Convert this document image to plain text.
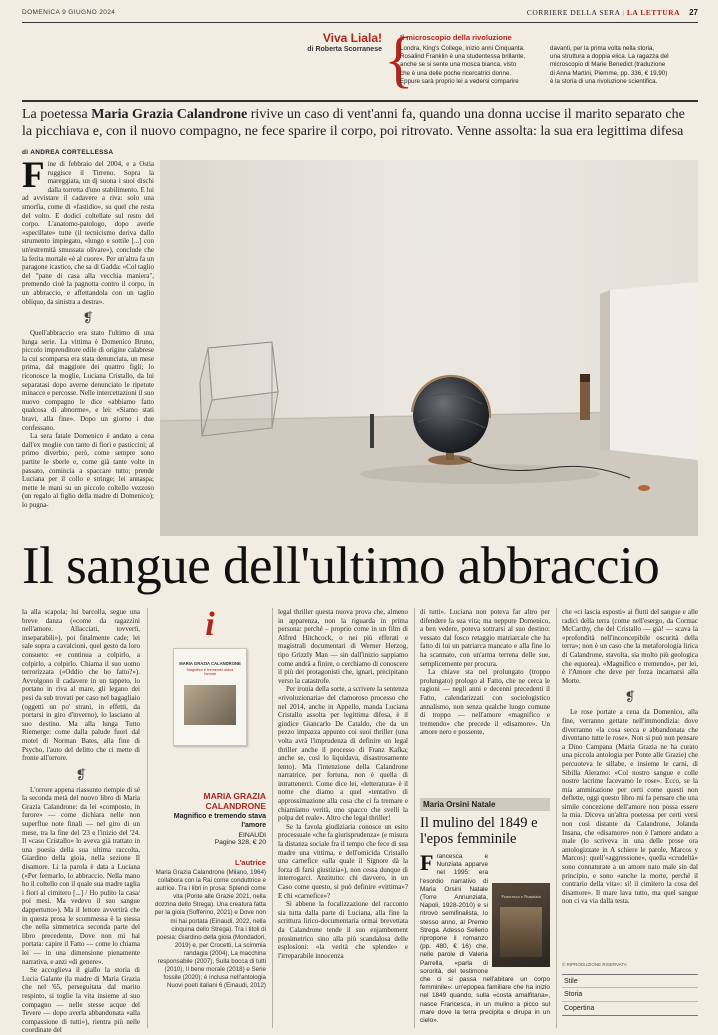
DOMENICA 9 GIUGNO 2024	CORRIERE DELLA SERA | LA LETTURA 27
Viva Liala!
di Roberta Scorranese {
Il microscopio della rivoluzione
Londra, King's College, inizio anni Cinquanta.
Rosalind Franklin è una studentessa brillante,
anche se si sente una mosca bianca, visto
che è una delle poche ricercatrici donne.
Eppure sarà proprio lei a vedersi comparire
davanti, per la prima volta nella storia,
una struttura a doppia elica. La ragazza del
microscopio di Marie Benedict (traduzione
di Anna Martini, Piemme, pp. 336, € 19,90)
è la storia di una rivoluzione scientifica.
La poetessa Maria Grazia Calandrone rivive un caso di vent'anni fa, quando una donna uccise il marito separato che la picchiava e, con il nuovo compagno, ne fece sparire il corpo, poi ritrovato. Venne assolta: la sua era legittima difesa
di ANDREA CORTELLESSA

Fine di febbraio del 2004, e a Ostia ruggisce il Tirreno. Sopra la mareggiata, un dj suona i suoi dischi dalla torretta d'uno stabilimento. E lui ad avvistare il cadavere a riva: solo una smorfia, come di «fastidio», su quel che resta del volto. E dodici coltellate sul resto del corpo. L'anatomo-patologo, dopo averle «specillate» tutte (il tecnicismo deriva dallo strumento impiegato, «lungo e sottile [...] con un'estremità smussata olivare»), conclude che la ferita mortale «è al cuore». Per un'altra fa un paragone icastico, che sa di Gadda: «Col taglio del "pane di casa alla vecchia maniera", premendo cioè la pagnotta contro il corpo, in un abbraccio, e affettandola con un taglio obliquo, da sinistra a destra».

❡

Quell'abbraccio era stato l'ultimo di una lunga serie. La vittima è Domenico Bruno, piccolo imprenditore edile di origine calabrese la cui scomparsa era stata denunciata, un mese prima, dal maggiore dei quattro figli; lo riconosce la moglie, Luciana Cristallo, da lui separatasi dopo averne denunciato le ripetute minacce e percosse. Nelle intercettazioni il suo nuovo compagno le dice «abbiamo fatto qualcosa di abnorme», e lei: «Siamo stati bravi, alla fine». Dopo un giorno i due confessano.

La sera fatale Domenico è andato a cena dall'ex moglie con tanto di fiori e pasticcini; al primo diverbio, però, come sempre sono partite le sberle e, come già tante volte in passato, comincia a spaccare tutto; prende Luciana per il collo e stringe; lei annaspa; mette le mani su un piccolo coltello vezzoso (un regalo al figlio della madre di Domenico); lo pugna-

Il sangue dell'ultimo abbraccio

la alla scapola; lui barcolla, segue una breve danza («come da ragazzini nell'amore. Allacciati, tovvertì, inseparabili»), poi finalmente cade; lei sale sopra a cavalcioni, quel gesto da loro consueto: «e continua a colpirlo, a colpirlo, a colpirlo. Chiama il suo uomo terrorizzata («Oddio che ho fatto?»). Avvolgono il cadavere in un tappeto, lo portano in riva al mare, gli legano dei pesi da sub trovati per caso nel bagagliaio (oggetti un po' strani, in effetti, da portarsi in giro d'inverno), lo lasciano al suo destino. Ma alla lunga Tutto Riemerge: come dalla palude fuori dal motel di Norman Bates, alla fine di Psycho, l'auto del delitto che ci mette di fronte all'orrore.

❡

L'orrore appena riassunto riempie di sé la seconda metà del nuovo libro di Maria Grazia Calandrone: da lei «composto, in furore» — come dichiara nelle non superflue note finali — nel giro di un mese, tra la fine del '23 e l'inizio del '24. Il «caso Cristallo» lo aveva già trattato in una poesia della sua ultima raccolta, Giardino della gioia, nella sezione Il disamore. Li la parola è data a Luciana («Per fermarlo, lo abbraccio. Nella mano ho il coltello con il quale sua madre taglia i fiori al cimitero [...] / Ho pulito la casa/ poi mesi. Ma vedevo il suo sangue dappertutto»). Ma il lettore avvertirà che in questa prosa le scommessa è la stessa che nella simmetrica seconda parte del libro precedente, Dove non mi hai portata: capire il Fatto — come lo chiama lei — in una dimensione pienamente narrativa, e anzi «di genere».

Se accoglieva il giallo la storia di Lucia Galante (la madre di Maria Grazia che nel '65, perseguitata dal marito respinto, si toglie la vita insieme al suo compagno — nelle stesse acque del Tevere — dopo averla abbandonata «alla compassione di tutti»), rientra più nelle coordinate del

i
MARIA GRAZIA CALANDRONE
Magnifico e tremendo stava l'amore
MARIA GRAZIA CALANDRONE
Magnifico e tremendo stava l'amore
EINAUDI
Pagine 328, € 20
L'autrice
Maria Grazia Calandrone (Milano, 1964) collabora con la Rai come conduttrice e autrice. Tra i libri in prosa: Splendi come vita (Ponte alle Grazie 2021, nella dozzina dello Strega). Una creatura fatta per la gioia (Sofferino, 2021) e Dove non mi hai portata (Einaudi, 2022, nella cinquina dello Strega). Tra i titoli di poesia: Giardino della gioia (Mondadori, 2019) e, per Crocetti, La scimmia randagia (2004), La macchina responsabile (2007), Sulla bocca di tutti (2010), Il bene morale (2018) e Serie fossile (2020); è inclusa nell'antologia Nuovi poeti italiani 6 (Einaudi, 2012)

legal thriller questa nuova prova che, almeno in apparenza, non la riguarda in prima persona: perché – proprio come in un film di Alfred Hitchcock, o nei più efferati e magistrali documentari di Werner Herzog, tipo Grizzly Man — sin dall'inizio sappiamo come andrà a finire, o cerchiamo di conoscere il più dei protagonisti che, ignari, precipitano verso la catastrofe.

Per ironia della sorte, a scrivere la sentenza «rivoluzionaria» del clamoroso processo che nel 2014, anche in Appello, manda Luciana Cristallo assolta per legittima difesa, è il giudice Giancarlo De Cataldo, che da un pezzo impazza appunto coi suoi thriller (una volta avrà l'imprudenza di definire un legal thriller anche il processo di Franz Kafka; anche se, così lo liquidava, disastrosamente lento). Ma l'intenzione della Calandrone narratrice, per fortuna, non è quella di intrattenerci. Come dice lei, «letteratura» è il nome che diamo a quel «tentativo di approssimazione alla cosa che ci fa tremare e chiamiamo verità, uno spacco che svelli la polpa del reale». Altro che legal thriller!

Se la favola giudiziaria conosce un esito processuale «che fa giurisprudenza» (e misura la distanza sociale fra il tempo che fece di sua madre una vittima, e dell'omicida Cristallo una carnefice «alla quale il Signore dà la forza di farsi giustizia»), non cessa dunque di interrogarci. Anzitutto: chi davvero, in un Caso come questo, si può definire «vittima»? E chi «carnefice»?

Si abbene la focalizzazione del racconto sia tutta dalla parte di Luciana, alla fine la scrittura lirico-documentaria ormai brevettata da Calandrone tende il suo enjambement prosimetrico sino alla più scandalosa delle esplosioni: «la verità che splende» e l'irreparabile innocenza

di tutti». Luciana non poteva far altro per difendere la sua vita; ma neppure Domenico, a ben vedere, poteva sottrarsi al suo destino: vessato dal fosco retaggio matriarcale che ha fatto di lui un patriarca mancato e alla fine lo ha scannato, con un'arma terrena delle sue, semplicemente per procura.

La chiave sta nel prolungato (troppo prolungato) prologo al Fatto, che ne cerca le ragioni — negli anni e decenni precedenti il Fatto, calendarizzati con sociologistico annalismo, non senza qualche luogo comune di troppo — nell'amore «magnifico e tremendo» che precede il «disamore». Un amore nero e possente,

Maria Orsini Natale
Il mulino del 1849 e l'epos femminile
Francesca e Nunziata
F rancesca e Nunziata apparve nel 1995: era l'esordio narrativo di Maria Orsini Natale (Torre Annunziata, Napoli, 1928-2010) e si ritrovò semifinalista, lo stesso anno, al Premio Strega. Adesso Sellerio ripropone il romanzo (pp. 480, € 16) che, nelle parole di Valeria Parrella, «parla di sororità, del testimone che ci si passa nell'abitare un corpo femminile»: un'epopea familiare che ha inizio nel 1849 quando, sulla «costa amalfitana», nasce Francesca, in un mulino a picco sul mare dove la terra precipita e dirupa in un cielo».

che «ci lascia esposti» ai flutti del sangue e alle radici della terra (come nell'esergo, da Cormac McCarthy, che del Cristallo — già! — scava la «profondità nell'inconcepibile oscurità della terra»; non è un caso che la metaforologia lirica di Calandrone, stavolta, sia molto più geologica che equorea). «Magnifico e tremendo», per lei, è l'Amore che deve per forza incarnarsi alla Morte.

❡

Le rose portate a cena da Domenico, alla fine, verranno gettate nell'immondizia: dove diverranno «la cosa secca e abbandonata che diventano tutte le rose». Non si può non pensare a Dino Campana (Maria Grazia ne ha curato una piccola antologia per Ponte alle Grazie) che percuoteva le sillabe, e insieme le carni, di Sibilla Aleramo: «Col nostro sangue e colle nostre lacrime facevamo le rose». Ecco, se la mia ammirazione per certi come questi non deflette, oggi questo libro mi fa pensare che una simile concezione dell'amore non possa essere la mia. Diceva un'altra poetessa per certi versi non così distante da Calandrone, Jolanda Insana, che «disamore» non è l'amore andato a male (lo scriveva in una delle prose ora antologizzate in A schiere le parole, Marcos y Marcos): quell'«aggressione», quella «crudeltà» sono connaturate a un amore nato male sin dal principio, e sono «anche la morte, perché il contrario della vita»: sì! il cimitero la cosa del disamore». Il mare lava tutto, ma quel sangue non ci va via dalla testa.

© RIPRODUZIONE RISERVATA
Stile
Storia
Copertina
